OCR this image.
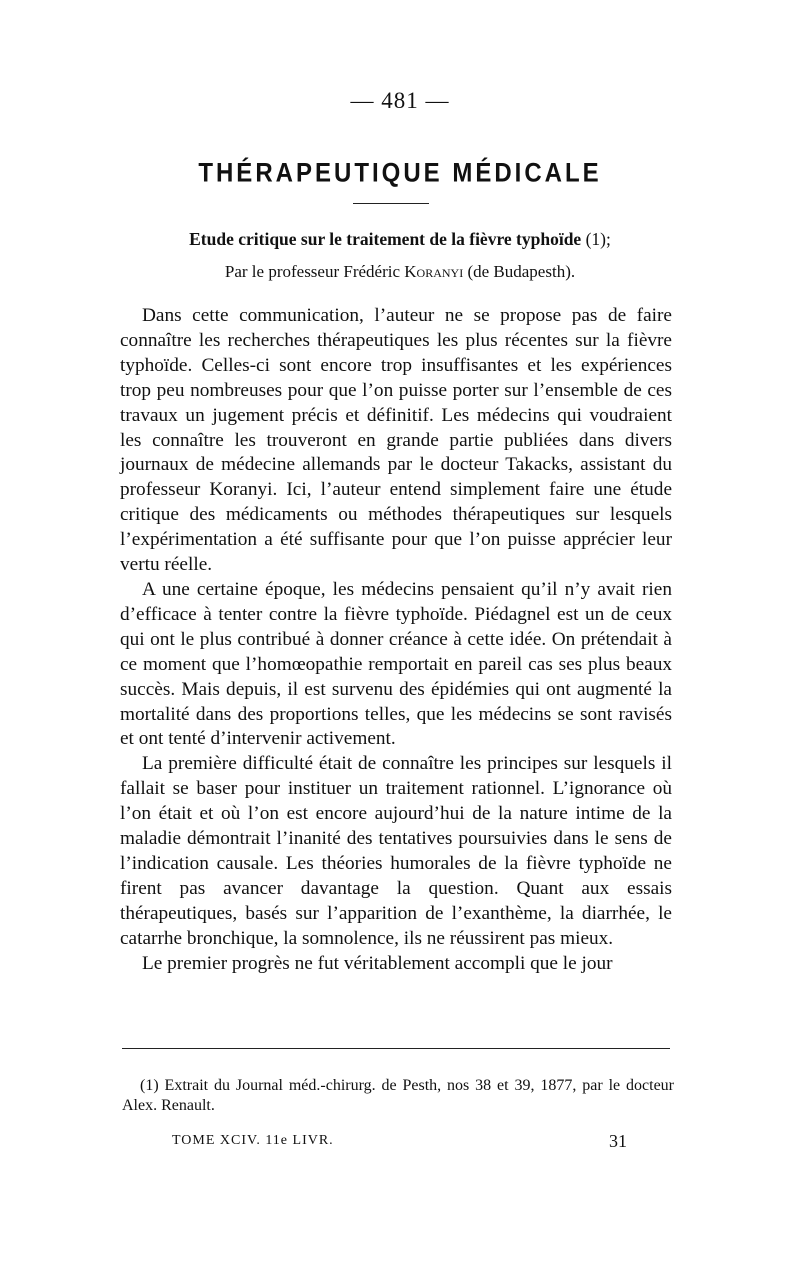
— 481 —
THÉRAPEUTIQUE MÉDICALE
Etude critique sur le traitement de la fièvre typhoïde (1);
Par le professeur Frédéric Koranyi (de Budapesth).

Dans cette communication, l’auteur ne se propose pas de faire connaître les recherches thérapeutiques les plus récentes sur la fièvre typhoïde. Celles-ci sont encore trop insuffisantes et les expériences trop peu nombreuses pour que l’on puisse porter sur l’ensemble de ces travaux un jugement précis et définitif. Les médecins qui voudraient les connaître les trouveront en grande partie publiées dans divers journaux de médecine allemands par le docteur Takacks, assistant du professeur Koranyi. Ici, l’auteur entend simplement faire une étude critique des médicaments ou méthodes thérapeutiques sur lesquels l’expérimentation a été suffisante pour que l’on puisse apprécier leur vertu réelle.

A une certaine époque, les médecins pensaient qu’il n’y avait rien d’efficace à tenter contre la fièvre typhoïde. Piédagnel est un de ceux qui ont le plus contribué à donner créance à cette idée. On prétendait à ce moment que l’homœopathie remportait en pareil cas ses plus beaux succès. Mais depuis, il est survenu des épidémies qui ont augmenté la mortalité dans des proportions telles, que les médecins se sont ravisés et ont tenté d’intervenir activement.

La première difficulté était de connaître les principes sur lesquels il fallait se baser pour instituer un traitement rationnel. L’ignorance où l’on était et où l’on est encore aujourd’hui de la nature intime de la maladie démontrait l’inanité des tentatives poursuivies dans le sens de l’indication causale. Les théories humorales de la fièvre typhoïde ne firent pas avancer davantage la question. Quant aux essais thérapeutiques, basés sur l’apparition de l’exanthème, la diarrhée, le catarrhe bronchique, la somnolence, ils ne réussirent pas mieux.

Le premier progrès ne fut véritablement accompli que le jour

(1) Extrait du Journal méd.-chirurg. de Pesth, nos 38 et 39, 1877, par le docteur Alex. Renault.
TOME XCIV. 11e LIVR.	31
